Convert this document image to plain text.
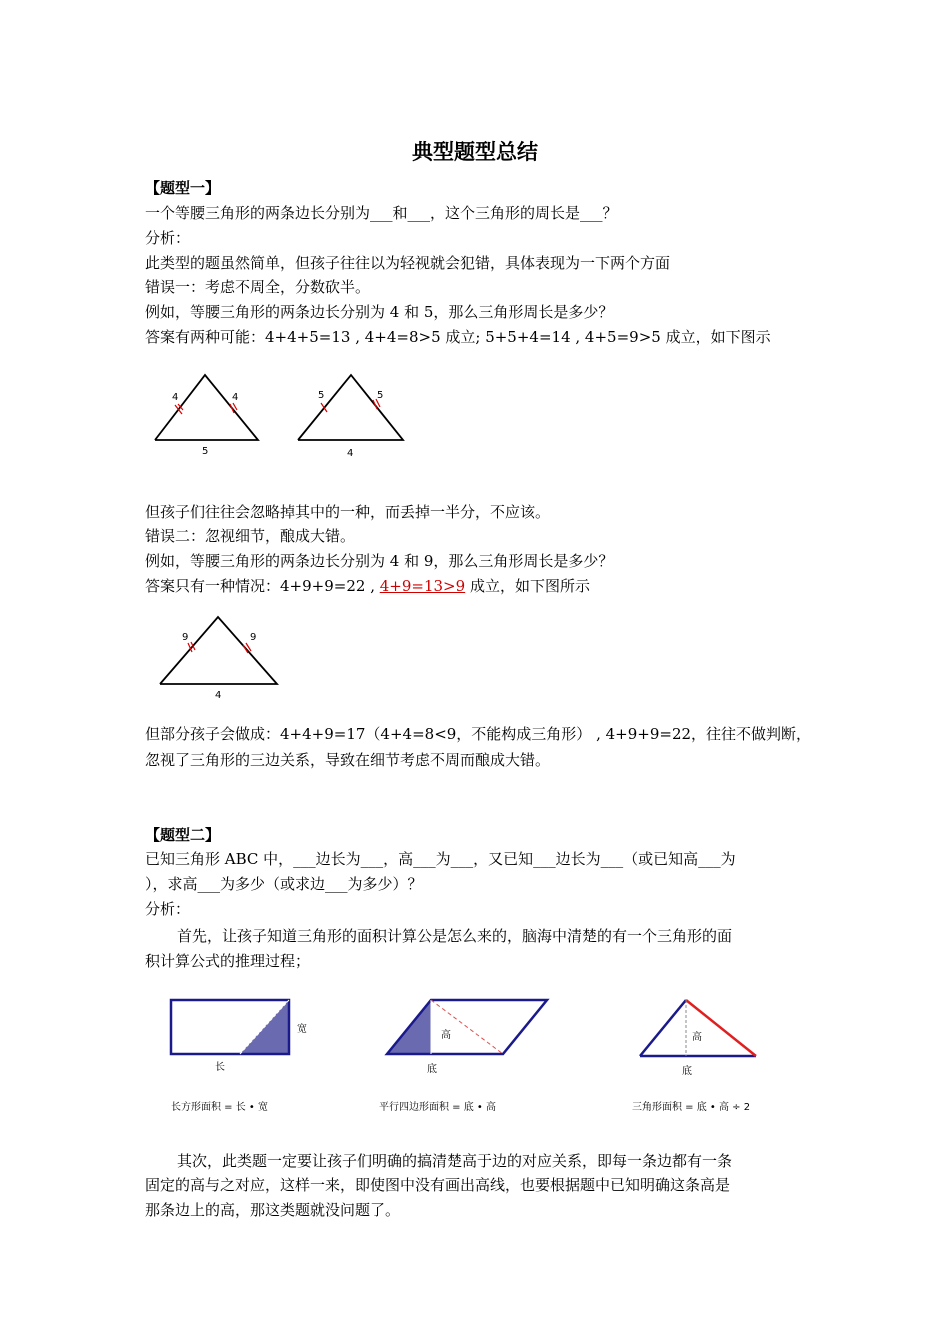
典型题型总结
【题型一】
一个等腰三角形的两条边长分别为___和___，这个三角形的周长是___？
分析：
此类型的题虽然简单，但孩子往往以为轻视就会犯错，具体表现为一下两个方面
错误一：考虑不周全，分数砍半。
例如，等腰三角形的两条边长分别为 4 和 5，那么三角形周长是多少？
答案有两种可能：4+4+5=13 , 4+4=8>5 成立; 5+5+4=14 , 4+5=9>5 成立，如下图示
4	4
5
5	5
4
但孩子们往往会忽略掉其中的一种，而丢掉一半分，不应该。
错误二：忽视细节，酿成大错。
例如，等腰三角形的两条边长分别为 4 和 9，那么三角形周长是多少？
答案只有一种情况：4+9+9=22 , 4+9=13>9 成立，如下图所示
9	9
4
但部分孩子会做成：4+4+9=17（4+4=8<9，不能构成三角形） , 4+9+9=22，往往不做判断，
忽视了三角形的三边关系，导致在细节考虑不周而酿成大错。
【题型二】
已知三角形 ABC 中，___边长为___，高___为___，又已知___边长为___（或已知高___为
），求高___为多少（或求边___为多少）？
分析：
首先，让孩子知道三角形的面积计算公是怎么来的，脑海中清楚的有一个三角形的面
积计算公式的推理过程；
宽
长
长方形面积 = 长 • 宽
高
底
平行四边形面积 = 底 • 高
高
底
三角形面积 = 底 • 高 ÷ 2
其次，此类题一定要让孩子们明确的搞清楚高于边的对应关系，即每一条边都有一条
固定的高与之对应，这样一来，即使图中没有画出高线，也要根据题中已知明确这条高是
那条边上的高，那这类题就没问题了。
